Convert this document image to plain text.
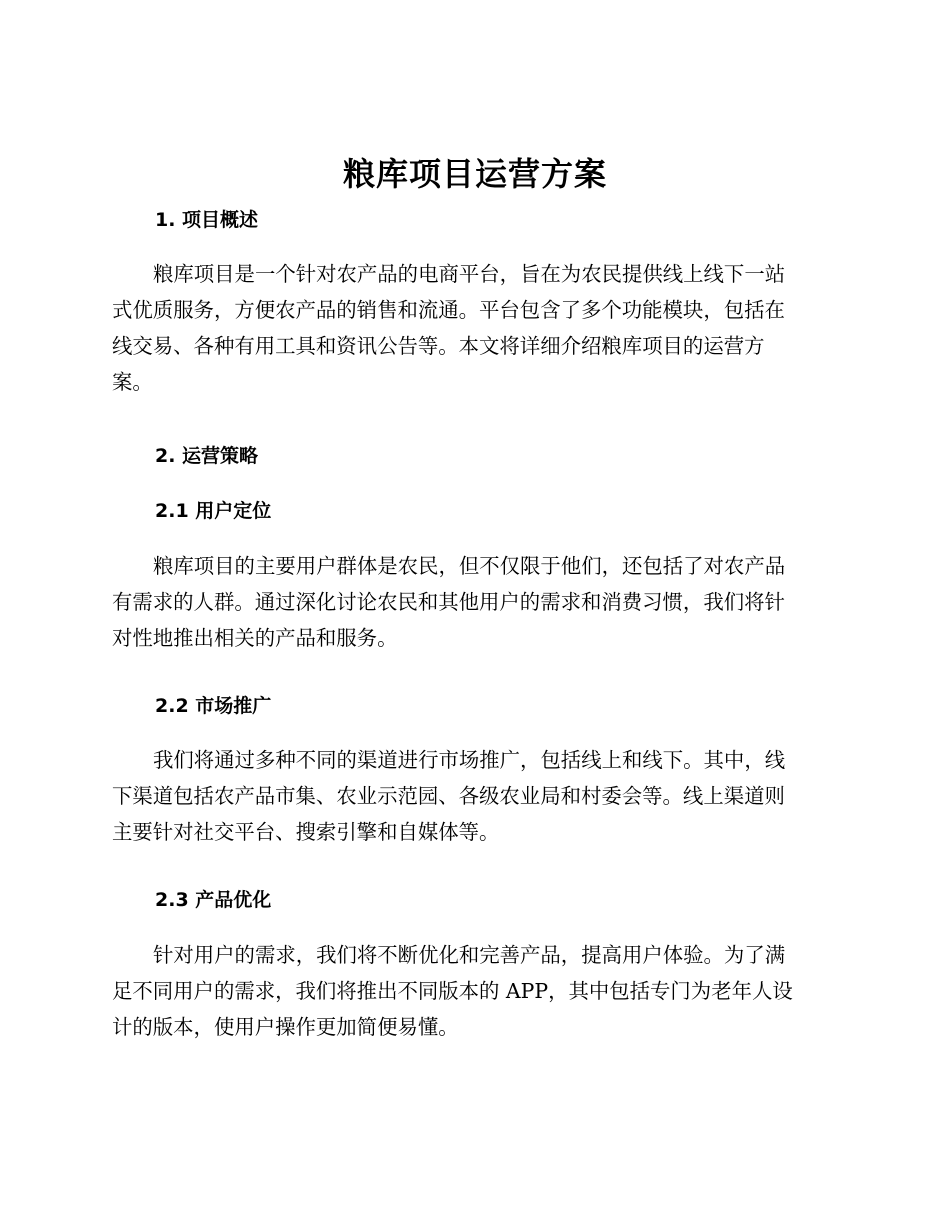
粮库项目运营方案
1. 项目概述

粮库项目是一个针对农产品的电商平台，旨在为农民提供线上线下一站
式优质服务，方便农产品的销售和流通。平台包含了多个功能模块，包括在
线交易、各种有用工具和资讯公告等。本文将详细介绍粮库项目的运营方
案。

2. 运营策略
2.1 用户定位

粮库项目的主要用户群体是农民，但不仅限于他们，还包括了对农产品
有需求的人群。通过深化讨论农民和其他用户的需求和消费习惯，我们将针
对性地推出相关的产品和服务。

2.2 市场推广

我们将通过多种不同的渠道进行市场推广，包括线上和线下。其中，线
下渠道包括农产品市集、农业示范园、各级农业局和村委会等。线上渠道则
主要针对社交平台、搜索引擎和自媒体等。

2.3 产品优化

针对用户的需求，我们将不断优化和完善产品，提高用户体验。为了满
足不同用户的需求，我们将推出不同版本的 APP，其中包括专门为老年人设
计的版本，使用户操作更加简便易懂。
